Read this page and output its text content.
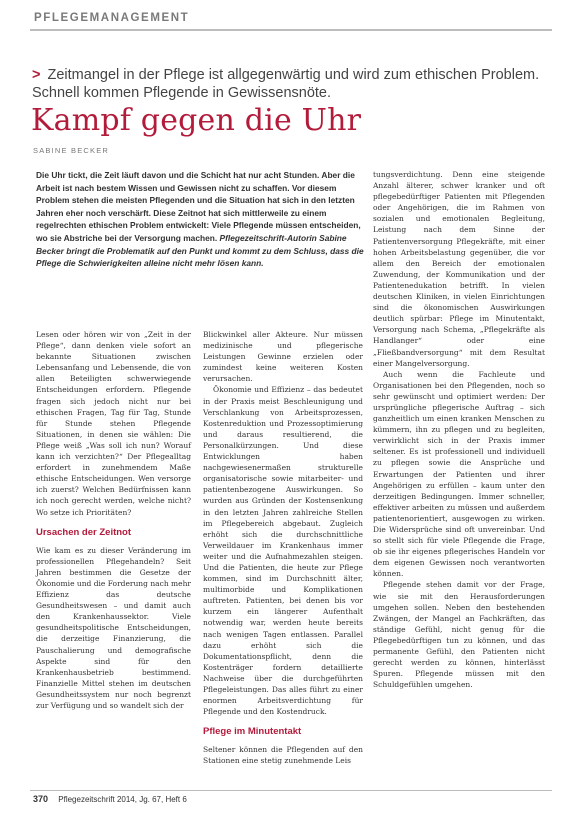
PFLEGEMANAGEMENT
> Zeitmangel in der Pflege ist allgegenwärtig und wird zum ethischen Problem. Schnell kommen Pflegende in Gewissensnöte.
Kampf gegen die Uhr
SABINE BECKER

Die Uhr tickt, die Zeit läuft davon und die Schicht hat nur acht Stunden. Aber die Arbeit ist nach bestem Wissen und Gewissen nicht zu schaffen. Vor diesem Problem stehen die meisten Pflegenden und die Situation hat sich in den letzten Jahren eher noch verschärft. Diese Zeitnot hat sich mittlerweile zu einem regelrechten ethischen Problem entwickelt: Viele Pflegende müssen entscheiden, wo sie Abstriche bei der Versorgung machen. Pflegezeitschrift-Autorin Sabine Becker bringt die Problematik auf den Punkt und kommt zu dem Schluss, dass die Pflege die Schwierigkeiten alleine nicht mehr lösen kann.

Lesen oder hören wir von „Zeit in der Pflege“, dann denken viele sofort an bekannte Situationen zwischen Lebensanfang und Lebensende, die von allen Beteiligten schwerwiegende Entscheidungen erfordern. Pflegende fragen sich jedoch nicht nur bei ethischen Fragen, Tag für Tag, Stunde für Stunde stehen Pflegende Situationen, in denen sie wählen: Die Pflege weiß „Was soll ich nun? Worauf kann ich verzichten?“ Der Pflegealltag erfordert in zunehmendem Maße ethische Entscheidungen. Wen versorge ich zuerst? Welchen Bedürfnissen kann ich noch gerecht werden, welche nicht? Wo setze ich Prioritäten?

Ursachen der Zeitnot

Wie kam es zu dieser Veränderung im professionellen Pflegehandeln? Seit Jahren bestimmen die Gesetze der Ökonomie und die Forderung nach mehr Effizienz das deutsche Gesundheitswesen – und damit auch den Krankenhaussektor. Viele gesundheitspolitische Entscheidungen, die derzeitige Finanzierung, die Pauschalierung und demografische Aspekte sind für den Krankenhausbetrieb bestimmend. Finanzielle Mittel stehen im deutschen Gesundheitssystem nur noch begrenzt zur Verfügung und so wandelt sich der

Blickwinkel aller Akteure. Nur müssen medizinische und pflegerische Leistungen Gewinne erzielen oder zumindest keine weiteren Kosten verursachen.

Ökonomie und Effizienz – das bedeutet in der Praxis meist Beschleunigung und Verschlankung von Arbeitsprozessen, Kostenreduktion und Prozessoptimierung und daraus resultierend, die Personalkürzungen. Und diese Entwicklungen haben nachgewiesenermaßen strukturelle organisatorische sowie mitarbeiter- und patientenbezogene Auswirkungen. So wurden aus Gründen der Kostensenkung in den letzten Jahren zahlreiche Stellen im Pflegebereich abgebaut. Zugleich erhöht sich die durchschnittliche Verweildauer im Krankenhaus immer weiter und die Aufnahmezahlen steigen. Und die Patienten, die heute zur Pflege kommen, sind im Durchschnitt älter, multimorbide und Komplikationen auftreten. Patienten, bei denen bis vor kurzem ein längerer Aufenthalt notwendig war, werden heute bereits nach wenigen Tagen entlassen. Parallel dazu erhöht sich die Dokumentationspflicht, denn die Kostenträger fordern detaillierte Nachweise über die durchgeführten Pflegeleistungen. Das alles führt zu einer enormen Arbeitsverdichtung für Pflegende und den Kostendruck.

Pflege im Minutentakt

Seltener können die Pflegenden auf den Stationen eine stetig zunehmende Leis

tungsverdichtung. Denn eine steigende Anzahl älterer, schwer kranker und oft pflegebedürftiger Patienten mit Pflegenden oder Angehörigen, die im Rahmen von sozialen und emotionalen Begleitung, Leistung nach dem Sinne der Patientenversorgung Pflegekräfte, mit einer hohen Arbeitsbelastung gegenüber, die vor allem den Bereich der emotionalen Zuwendung, der Kommunikation und der Patientenedukation betrifft. In vielen deutschen Kliniken, in vielen Einrichtungen sind die ökonomischen Auswirkungen deutlich spürbar: Pflege im Minutentakt, Versorgung nach Schema, „Pflegekräfte als Handlanger“ oder eine „Fließbandversorgung“ mit dem Resultat einer Mangelversorgung.

Auch wenn die Fachleute und Organisationen bei den Pflegenden, noch so sehr gewünscht und optimiert werden: Der ursprüngliche pflegerische Auftrag – sich ganzheitlich um einen kranken Menschen zu kümmern, ihn zu pflegen und zu begleiten, verwirklicht sich in der Praxis immer seltener. Es ist professionell und individuell zu pflegen sowie die Ansprüche und Erwartungen der Patienten und ihrer Angehörigen zu erfüllen – kaum unter den derzeitigen Bedingungen. Immer schneller, effektiver arbeiten zu müssen und außerdem patientenorientiert, ausgewogen zu wirken. Die Widersprüche sind oft unvereinbar. Und so stellt sich für viele Pflegende die Frage, ob sie ihr eigenes pflegerisches Handeln vor dem eigenen Gewissen noch verantworten können.

Pflegende stehen damit vor der Frage, wie sie mit den Herausforderungen umgehen sollen. Neben den bestehenden Zwängen, der Mangel an Fachkräften, das ständige Gefühl, nicht genug für die Pflegebedürftigen tun zu können, und das permanente Gefühl, den Patienten nicht gerecht werden zu können, hinterlässt Spuren. Pflegende müssen mit den Schuldgefühlen umgehen.

370 Pflegezeitschrift 2014, Jg. 67, Heft 6
